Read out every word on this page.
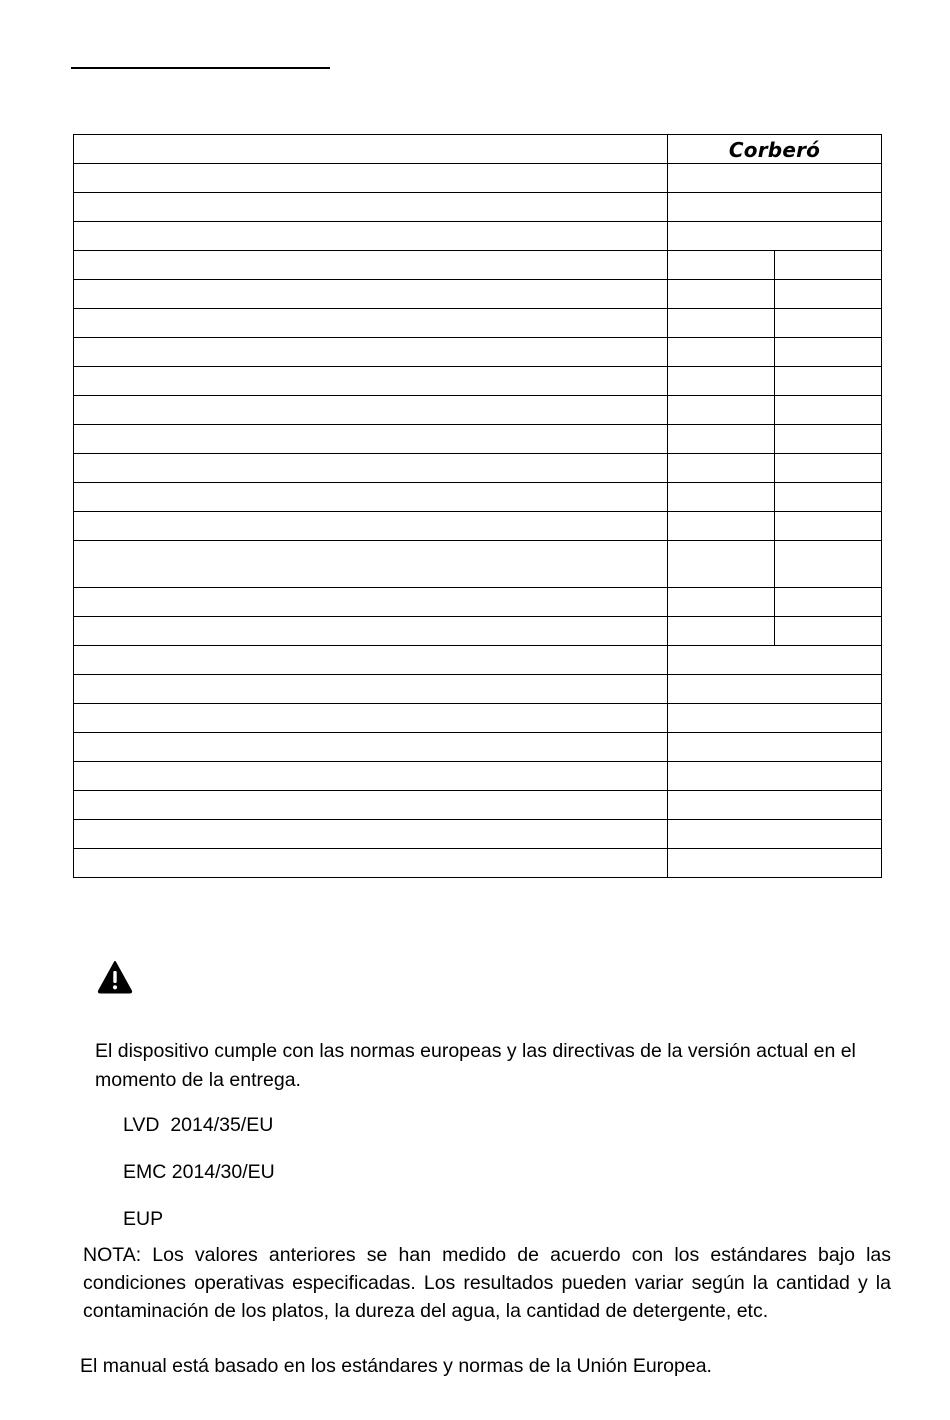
	Corberó	

El dispositivo cumple con las normas europeas y las directivas de la versión actual en el momento de la entrega.

LVD  2014/35/EU
EMC 2014/30/EU
EUP

NOTA: Los valores anteriores se han medido de acuerdo con los estándares bajo las condiciones operativas especificadas. Los resultados pueden variar según la cantidad y la contaminación de los platos, la dureza del agua, la cantidad de detergente, etc.

El manual está basado en los estándares y normas de la Unión Europea.
